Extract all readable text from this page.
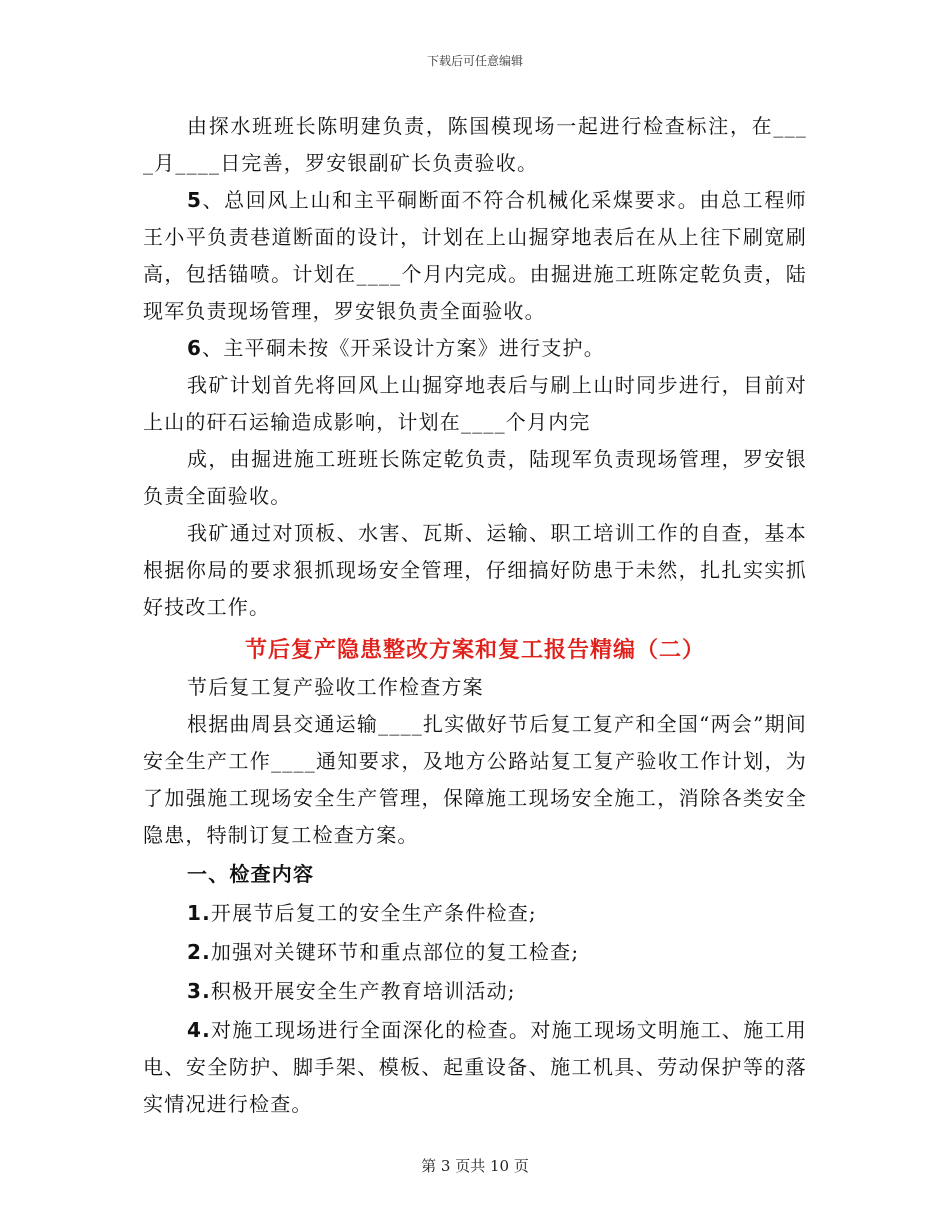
下载后可任意编辑

由探水班班长陈明建负责，陈国模现场一起进行检查标注，在___ _月____日完善，罗安银副矿长负责验收。

5、总回风上山和主平硐断面不符合机械化采煤要求。由总工程师王小平负责巷道断面的设计，计划在上山掘穿地表后在从上往下刷宽刷高，包括锚喷。计划在____个月内完成。由掘进施工班陈定乾负责，陆现军负责现场管理，罗安银负责全面验收。

6、主平硐未按《开采设计方案》进行支护。

我矿计划首先将回风上山掘穿地表后与刷上山时同步进行，目前对上山的矸石运输造成影响，计划在____个月内完

成，由掘进施工班班长陈定乾负责，陆现军负责现场管理，罗安银负责全面验收。

我矿通过对顶板、水害、瓦斯、运输、职工培训工作的自查，基本根据你局的要求狠抓现场安全管理，仔细搞好防患于未然，扎扎实实抓好技改工作。

节后复产隐患整改方案和复工报告精编（二）

节后复工复产验收工作检查方案

根据曲周县交通运输____扎实做好节后复工复产和全国“两会”期间安全生产工作____通知要求，及地方公路站复工复产验收工作计划，为了加强施工现场安全生产管理，保障施工现场安全施工，消除各类安全隐患，特制订复工检查方案。

一、检查内容

1.开展节后复工的安全生产条件检查;

2.加强对关键环节和重点部位的复工检查;

3.积极开展安全生产教育培训活动;

4.对施工现场进行全面深化的检查。对施工现场文明施工、施工用电、安全防护、脚手架、模板、起重设备、施工机具、劳动保护等的落实情况进行检查。

第 3 页共 10 页
